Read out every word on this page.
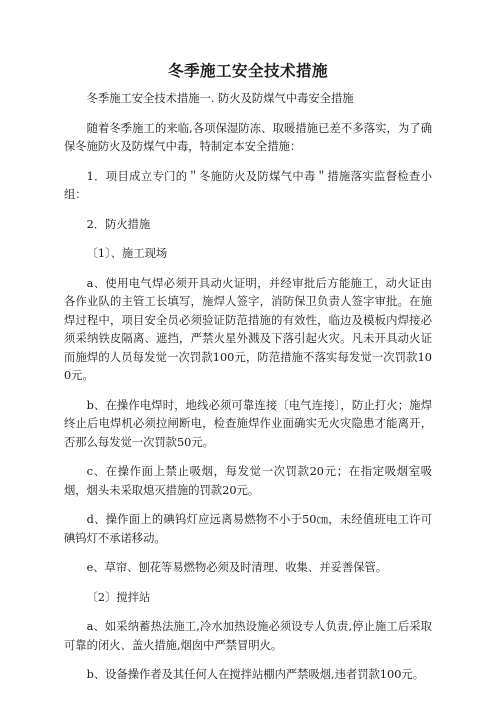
冬季施工安全技术措施

冬季施工安全技术措施一. 防火及防煤气中毒安全措施

随着冬季施工的来临,各项保湿防冻、取暖措施已差不多落实，为了确保冬施防火及防煤气中毒，特制定本安全措施：

1．项目成立专门的＂冬施防火及防煤气中毒＂措施落实监督检查小组：

2．防火措施

〔1〕、施工现场

a、使用电气焊必须开具动火证明，并经审批后方能施工，动火证由各作业队的主管工长填写，施焊人签字，消防保卫负责人签字审批。在施焊过程中，项目安全员必须验证防范措施的有效性，临边及模板内焊接必须采纳铁皮隔离、遮挡，严禁火星外溅及下落引起火灾。凡未开具动火证而施焊的人员每发觉一次罚款100元，防范措施不落实每发觉一次罚款100元。

b、在操作电焊时，地线必须可靠连接〔电气连接〕，防止打火；施焊终止后电焊机必须拉闸断电，检查施焊作业面确实无火灾隐患才能离开，否那么每发觉一次罚款50元。

c、在操作面上禁止吸烟，每发觉一次罚款20元；在指定吸烟室吸烟，烟头未采取熄灭措施的罚款20元。

d、操作面上的碘钨灯应远离易燃物不小于50㎝，未经值班电工许可碘钨灯不承诺移动。

e、草帘、刨花等易燃物必须及时清理、收集、并妥善保管。

〔2〕搅拌站

a、如采纳蓄热法施工,冷水加热设施必须设专人负责,停止施工后采取可靠的闭火、盖火措施,烟囱中严禁冒明火。

b、设备操作者及其任何人在搅拌站棚内严禁吸烟,违者罚款100元。
